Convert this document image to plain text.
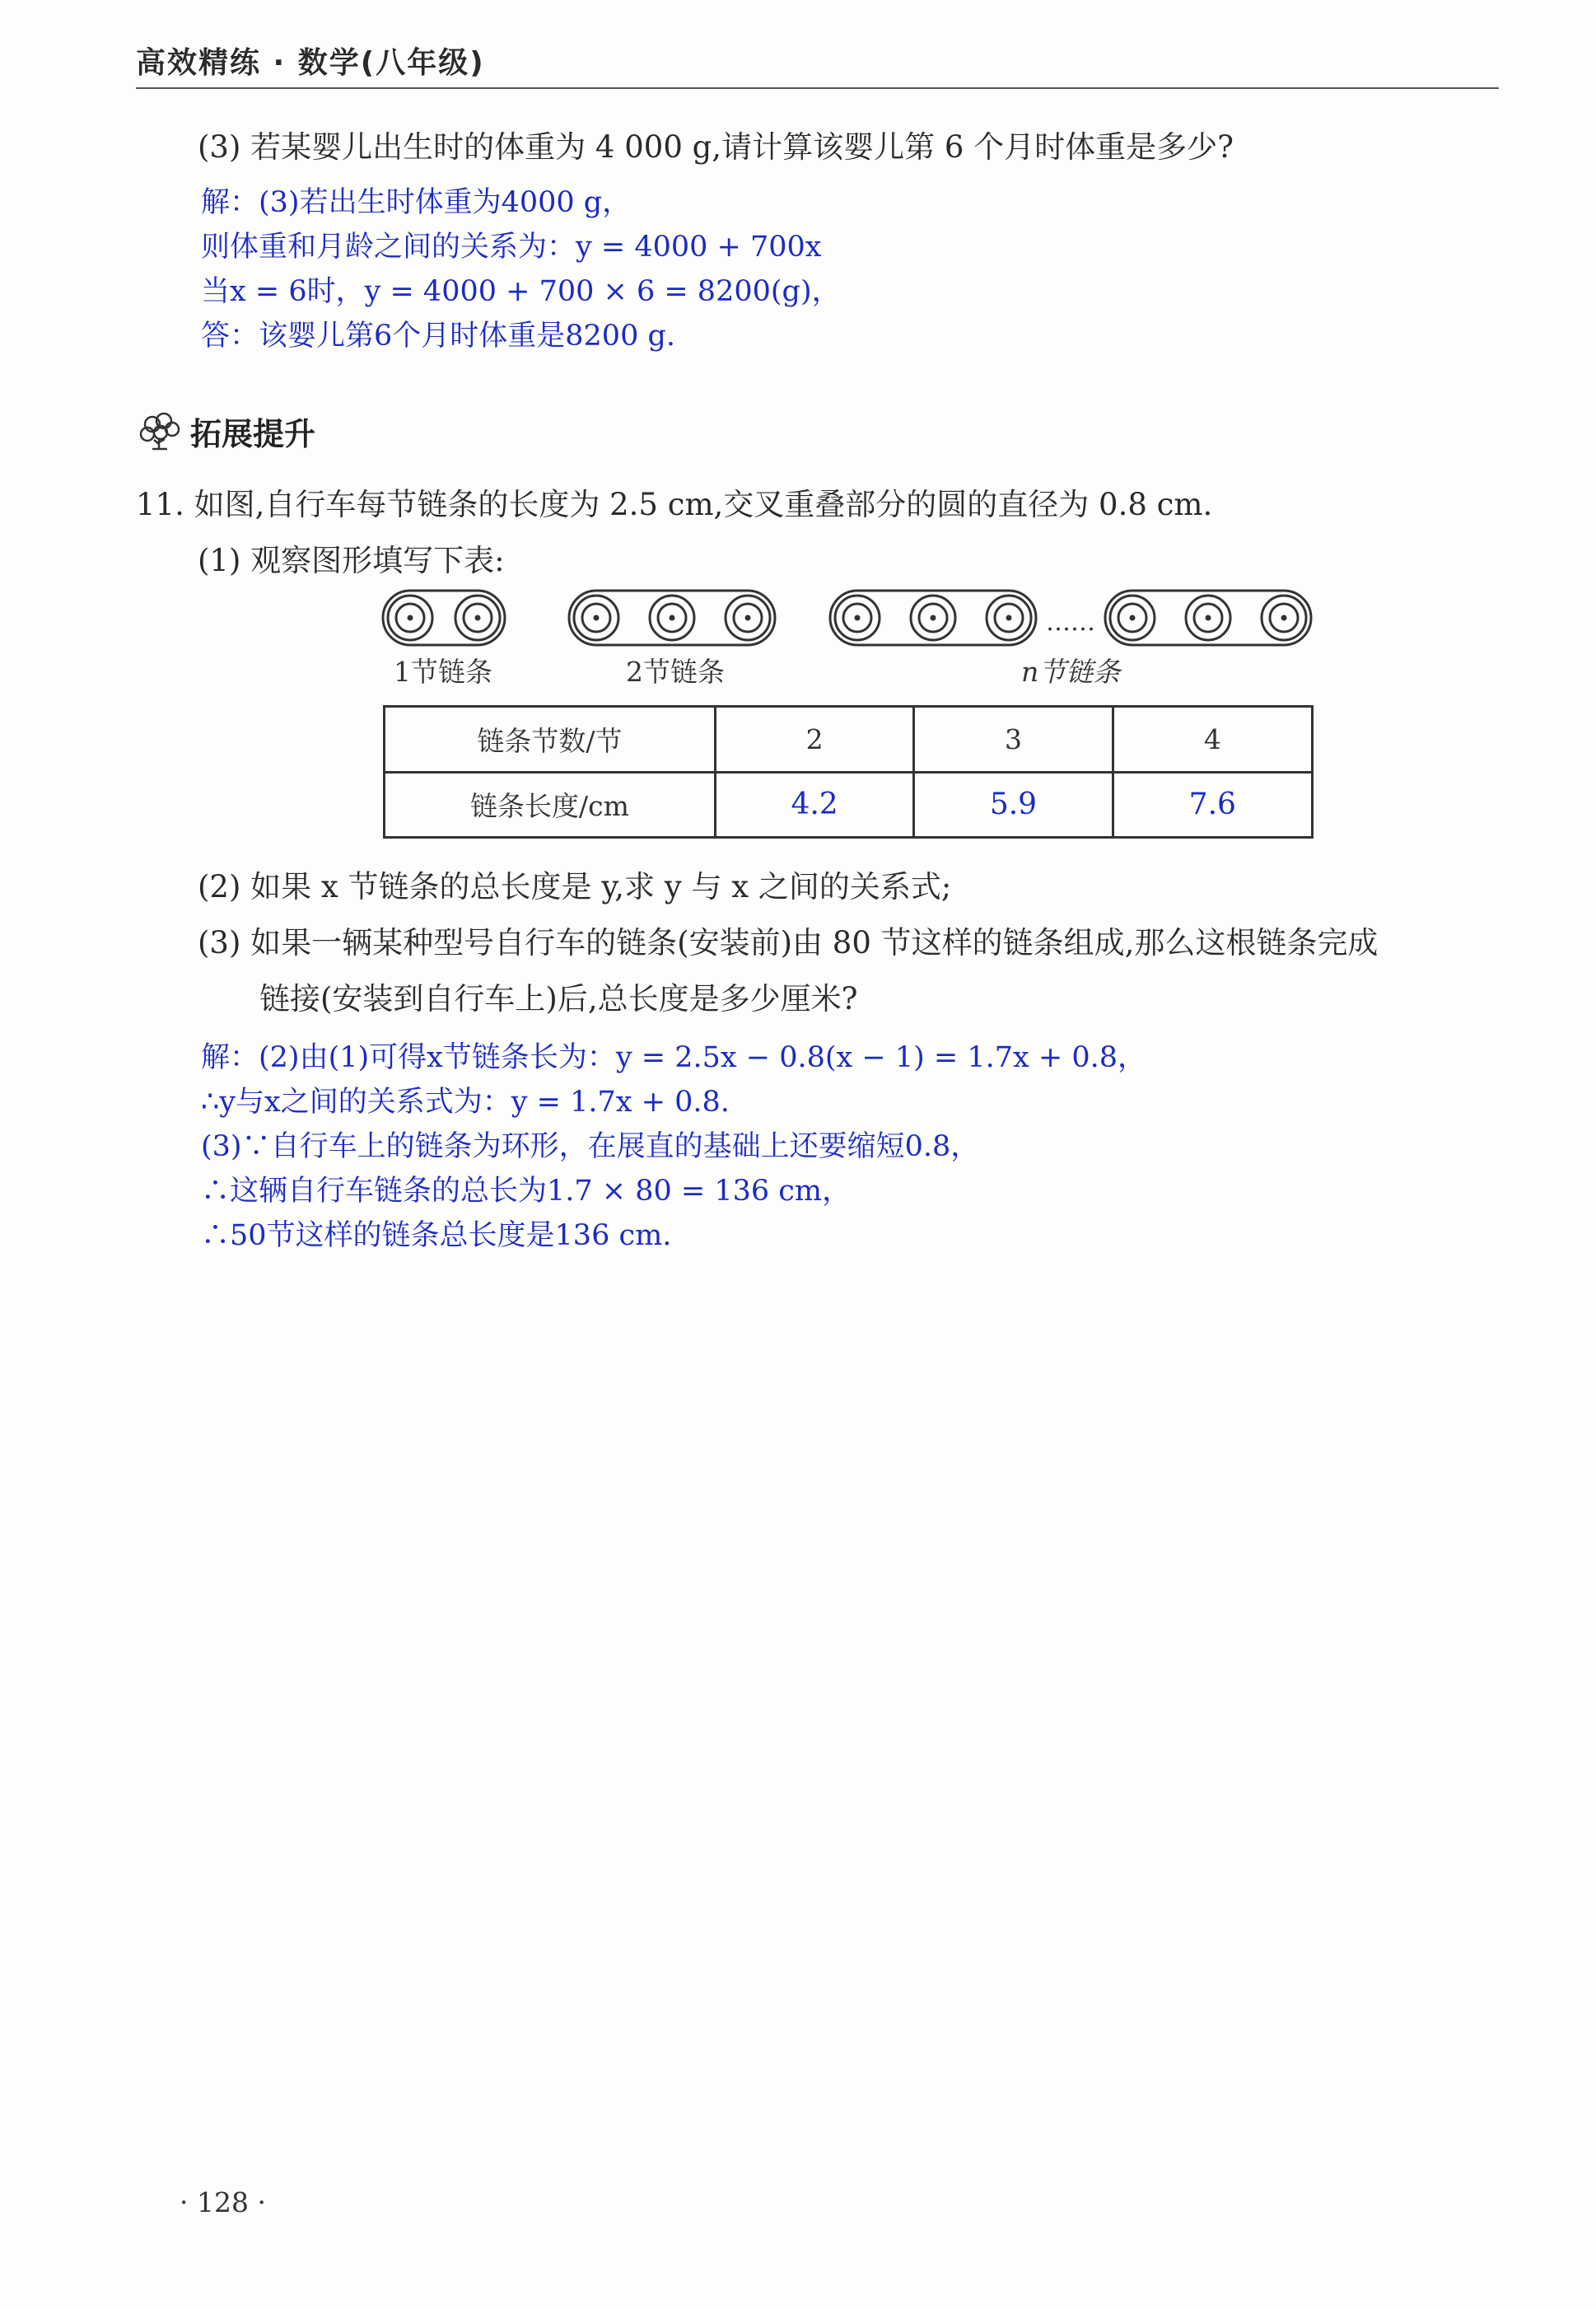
高效精练 · 数学(八年级)
(3) 若某婴儿出生时的体重为 4 000 g,请计算该婴儿第 6 个月时体重是多少?
解：(3)若出生时体重为4000 g，
则体重和月龄之间的关系为：y = 4000 + 700x
当x = 6时，y = 4000 + 700 × 6 = 8200(g)，
答：该婴儿第6个月时体重是8200 g.
拓展提升
11. 如图,自行车每节链条的长度为 2.5 cm,交叉重叠部分的圆的直径为 0.8 cm.
(1) 观察图形填写下表:
……
1节链条	2节链条	n节链条
链条节数/节	2	3	4
链条长度/cm	4.2	5.9	7.6
(2) 如果 x 节链条的总长度是 y,求 y 与 x 之间的关系式;
(3) 如果一辆某种型号自行车的链条(安装前)由 80 节这样的链条组成,那么这根链条完成
链接(安装到自行车上)后,总长度是多少厘米?
解：(2)由(1)可得x节链条长为：y = 2.5x − 0.8(x − 1) = 1.7x + 0.8，
∴y与x之间的关系式为：y = 1.7x + 0.8.
(3)∵自行车上的链条为环形，在展直的基础上还要缩短0.8，
∴这辆自行车链条的总长为1.7 × 80 = 136 cm，
∴50节这样的链条总长度是136 cm.
· 128 ·
